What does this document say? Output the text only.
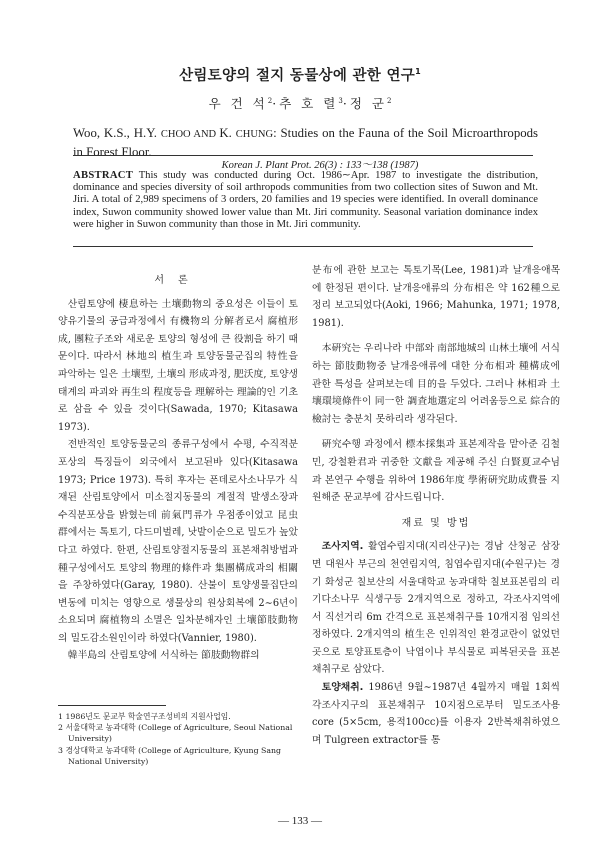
산림토양의 절지 동물상에 관한 연구$^1$
우 건 석$^2$·추 호 렬$^3$·정 군$^2$
Woo, K.S., H.Y. CHOO AND K. CHUNG: Studies on the Fauna of the Soil Microarthropods in Forest Floor.
Korean J. Plant Prot. 26(3) : 133～138 (1987)
ABSTRACT This study was conducted during Oct. 1986∼Apr. 1987 to investigate the distribution, dominance and species diversity of soil arthropods communities from two collection sites of Suwon and Mt. Jiri. A total of 2,989 specimens of 3 orders, 20 families and 19 species were identified. In overall dominance index, Suwon community showed lower value than Mt. Jiri community. Seasonal variation dominance index were higher in Suwon community than those in Mt. Jiri community.
서론

산림토양에 棲息하는 土壤動物의 중요성은 이들이 토양유기물의 공급과정에서 有機物의 分解者로서 腐植形成, 團粒子조와 새로운 토양의 형성에 큰 役割을 하기 때문이다. 따라서 林地의 植生과 토양동물군집의 特性을 파악하는 일은 土壤型, 土壤의 形成과정, 肥沃度, 토양생태계의 파괴와 再生의 程度등을 理解하는 理論的인 기초로 삼을 수 있을 것이다(Sawada, 1970; Kitasawa 1973).

전반적인 토양동물군의 종류구성에서 수평, 수직적분포상의 특징들이 외국에서 보고된바 있다(Kitasawa 1973; Price 1973). 특히 후자는 폰데로사소나무가 식재된 산림토양에서 미소절지동물의 계절적 발생소장과 수직분포상을 밝혔는데 前氣門류가 우점종이었고 昆虫群에서는 톡토기, 다드미벌레, 낫발이순으로 밀도가 높았다고 하였다. 한편, 산림토양절지동물의 표본채취방법과 種구성에서도 토양의 物理的條件과 集團構成과의 相關을 주창하였다(Garay, 1980). 산불이 토양생물집단의 변동에 미치는 영향으로 생물상의 원상회복에 2∼6년이 소요되며 腐植物의 소멸은 일차분해자인 土壤節肢動物의 밀도감소원인이라 하였다(Vannier, 1980).

韓半島의 산림토양에 서식하는 節肢動物群의

분布에 관한 보고는 톡토기목(Lee, 1981)과 날개응애목에 한정된 편이다. 날개응애류의 分布相은 약 162種으로 정리 보고되었다(Aoki, 1966; Mahunka, 1971; 1978, 1981).

本硏究는 우리나라 中部와 南部地城의 山林土壤에 서식하는 節肢動物중 날개응애류에 대한 分布相과 種構成에 관한 특성을 살펴보는데 目的을 두었다. 그러나 林相과 土壤環境條件이 同一한 調査地選定의 어려움등으로 綜合的檢討는 충분치 못하리라 생각된다.

硏究수행 과정에서 標本採集과 표본제작을 맡아준 김철민, 강철환君과 귀중한 文獻을 제공해 주신 白賢夏교수님과 본연구 수행을 위하여 1986年度 學術硏究助成費를 지원해준 문교부에 감사드립니다.

재료 및 방법

조사지역. 활엽수림지대(지리산구)는 경남 산청군 삼장면 대원사 부근의 천연림지역, 침엽수림지대(수원구)는 경기 화성군 칠보산의 서울대학교 농과대학 칠보표본림의 리기다소나무 식생구등 2개지역으로 정하고, 각조사지역에서 직선거리 6m 간격으로 표본채취구를 10개지점 임의선정하였다. 2개지역의 植生은 인위적인 환경교란이 없었던 곳으로 토양표토층이 낙엽이나 부식물로 피복된곳을 표본채취구로 삼았다.

토양채취. 1986년 9월∼1987년 4월까지 매월 1회씩 각조사지구의 표본채취구 10지점으로부터 밀도조사용 core (5×5cm, 용적100cc)를 이용자 2반복채취하였으며 Tulgreen extractor를 통

1 1986년도 문교부 학술연구조성비의 지원사업임.
2 서울대학교 농과대학 (College of Agriculture, Seoul National University)
3 경상대학교 농과대학 (College of Agriculture, Kyung Sang National University)
— 133 —
